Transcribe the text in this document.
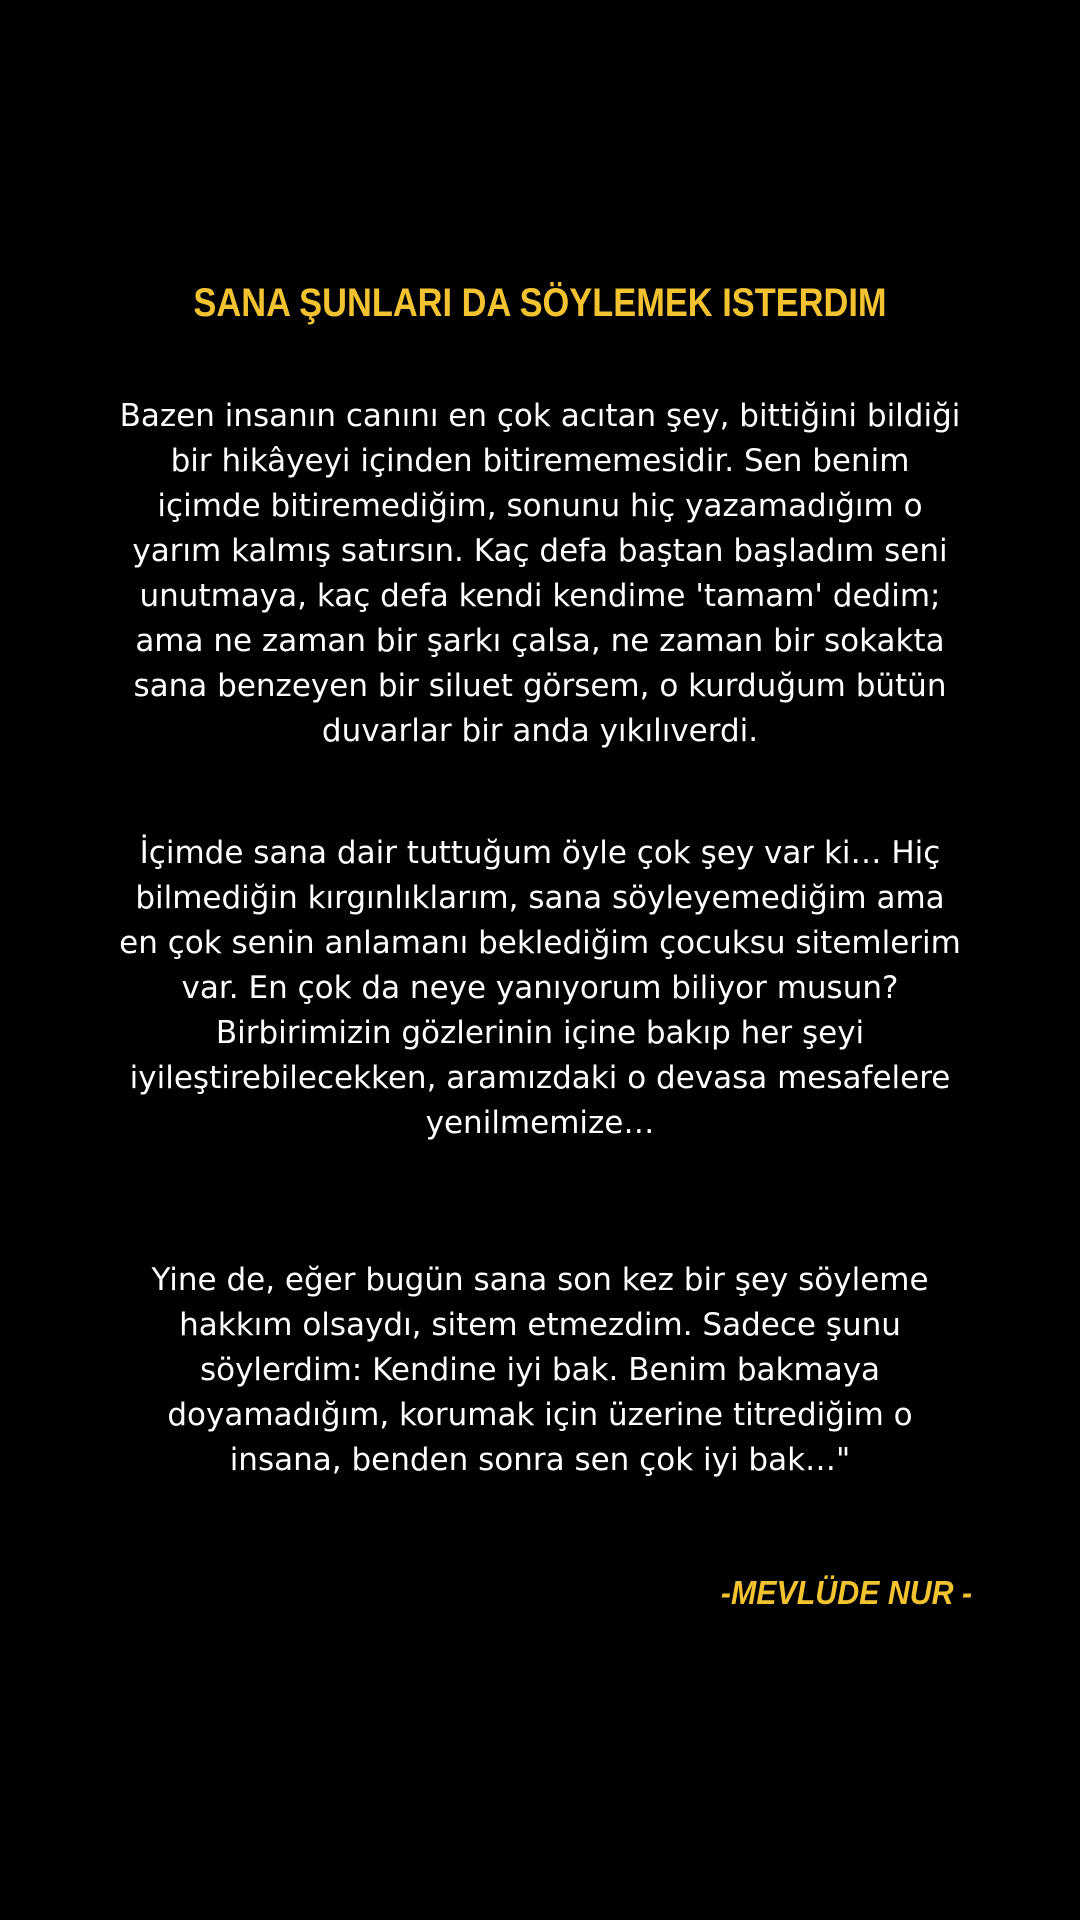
SANA ŞUNLARI DA SÖYLEMEK ISTERDIM
Bazen insanın canını en çok acıtan şey, bittiğini bildiği
bir hikâyeyi içinden bitirememesidir. Sen benim
içimde bitiremediğim, sonunu hiç yazamadığım o
yarım kalmış satırsın. Kaç defa baştan başladım seni
unutmaya, kaç defa kendi kendime 'tamam' dedim;
ama ne zaman bir şarkı çalsa, ne zaman bir sokakta
sana benzeyen bir siluet görsem, o kurduğum bütün
duvarlar bir anda yıkılıverdi.
İçimde sana dair tuttuğum öyle çok şey var ki… Hiç
bilmediğin kırgınlıklarım, sana söyleyemediğim ama
en çok senin anlamanı beklediğim çocuksu sitemlerim
var. En çok da neye yanıyorum biliyor musun?
Birbirimizin gözlerinin içine bakıp her şeyi
iyileştirebilecekken, aramızdaki o devasa mesafelere
yenilmemize…
Yine de, eğer bugün sana son kez bir şey söyleme
hakkım olsaydı, sitem etmezdim. Sadece şunu
söylerdim: Kendine iyi bak. Benim bakmaya
doyamadığım, korumak için üzerine titrediğim o
insana, benden sonra sen çok iyi bak…"
-MEVLÜDE NUR -
